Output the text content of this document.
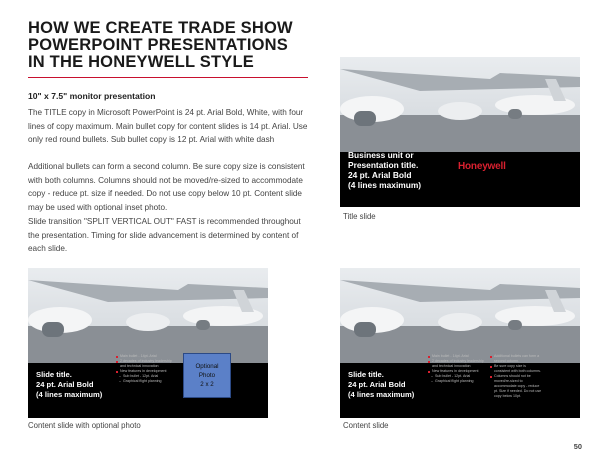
HOW WE CREATE TRADE SHOW
POWERPOINT PRESENTATIONS
IN THE HONEYWELL STYLE
10" x 7.5" monitor presentation
The TITLE copy in Microsoft PowerPoint is 24 pt. Arial Bold, White, with four lines of copy maximum. Main bullet copy for content slides is 14 pt. Arial. Use only red round bullets. Sub bullet copy is 12 pt. Arial with white dash
Additional bullets can form a second column. Be sure copy size is consistent with both columns. Columns should not be moved/re-sized to accommodate copy - reduce pt. size if needed. Do not use copy below 10 pt. Content slide may be used with optional inset photo.
Slide transition "SPLIT VERTICAL OUT" FAST is recommended throughout the presentation. Timing for slide advancement is determined by content of each slide.
Business unit or
Presentation title.
24 pt. Arial Bold
(4 lines maximum)
Honeywell
Title slide
Slide title.
24 pt. Arial Bold
(4 lines maximum)
Main bullet - 14pt. Arial
2 decades of industry leadership and technical innovation
New features in development
– Sub bullet - 12pt. Arial
– Graphical flight planning
Optional
Photo
2 x 2
Content slide with optional photo
Slide title.
24 pt. Arial Bold
(4 lines maximum)
Main bullet - 14pt. Arial
2 decades of industry leadership and technical innovation
New features in development
– Sub bullet - 12pt. Arial
– Graphical flight planning
Additional bullets can form a second column.
Be sure copy size is consistent with both columns.
Columns should not be moved/re-sized to accommodate copy - reduce pt. Size if needed. Do not use copy below 10pt.
Content slide
50
